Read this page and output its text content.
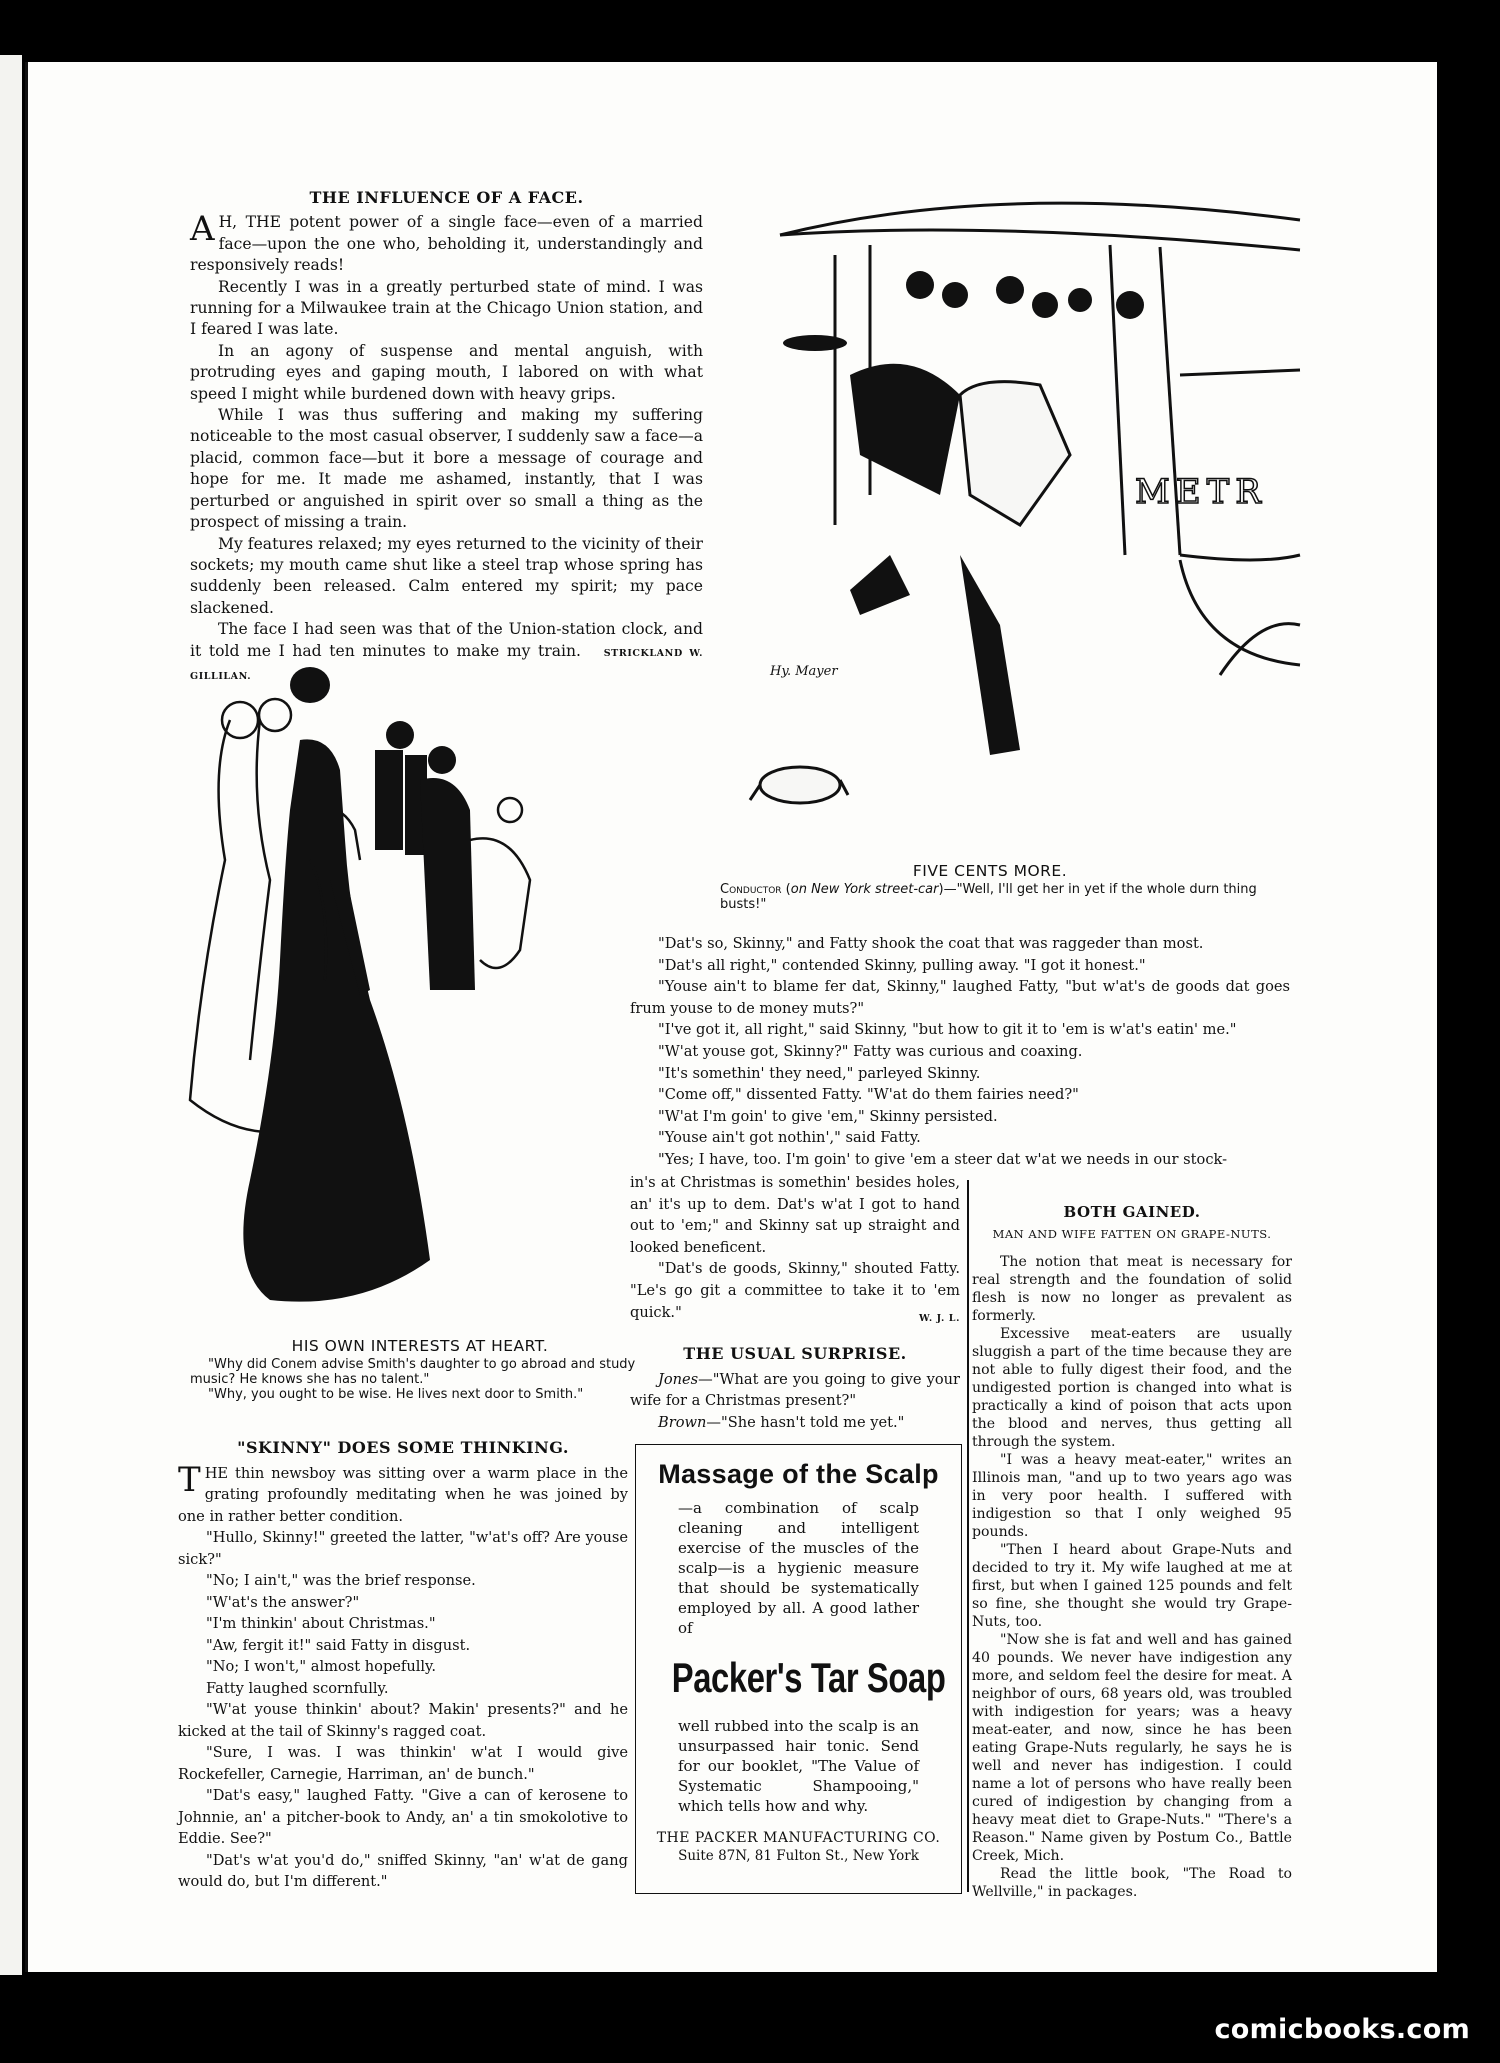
THE INFLUENCE OF A FACE.

A H, THE potent power of a single face—even of a married face—upon the one who, beholding it, understandingly and responsively reads!

Recently I was in a greatly perturbed state of mind. I was running for a Milwaukee train at the Chicago Union station, and I feared I was late.

In an agony of suspense and mental anguish, with protruding eyes and gaping mouth, I labored on with what speed I might while burdened down with heavy grips.

While I was thus suffering and making my suffering noticeable to the most casual observer, I suddenly saw a face—a placid, common face—but it bore a message of courage and hope for me. It made me ashamed, instantly, that I was perturbed or anguished in spirit over so small a thing as the prospect of missing a train.

My features relaxed; my eyes returned to the vicinity of their sockets; my mouth came shut like a steel trap whose spring has suddenly been released. Calm entered my spirit; my pace slackened.

The face I had seen was that of the Union-station clock, and it told me I had ten minutes to make my train. STRICKLAND W. GILLILAN.

METR
Hy. Mayer
FIVE CENTS MORE.
Conductor (on New York street-car)—"Well, I'll get her in yet if the whole durn thing busts!"
HIS OWN INTERESTS AT HEART.
"Why did Conem advise Smith's daughter to go abroad and study music? He knows she has no talent."
"Why, you ought to be wise. He lives next door to Smith."
"SKINNY" DOES SOME THINKING.

THE thin newsboy was sitting over a warm place in the grating profoundly meditating when he was joined by one in rather better condition.

"Hullo, Skinny!" greeted the latter, "w'at's off? Are youse sick?"

"No; I ain't," was the brief response.

"W'at's the answer?"

"I'm thinkin' about Christmas."

"Aw, fergit it!" said Fatty in disgust.

"No; I won't," almost hopefully.

Fatty laughed scornfully.

"W'at youse thinkin' about? Makin' presents?" and he kicked at the tail of Skinny's ragged coat.

"Sure, I was. I was thinkin' w'at I would give Rockefeller, Carnegie, Harriman, an' de bunch."

"Dat's easy," laughed Fatty. "Give a can of kerosene to Johnnie, an' a pitcher-book to Andy, an' a tin smokolotive to Eddie. See?"

"Dat's w'at you'd do," sniffed Skinny, "an' w'at de gang would do, but I'm different."

"Dat's so, Skinny," and Fatty shook the coat that was raggeder than most.

"Dat's all right," contended Skinny, pulling away. "I got it honest."

"Youse ain't to blame fer dat, Skinny," laughed Fatty, "but w'at's de goods dat goes frum youse to de money muts?"

"I've got it, all right," said Skinny, "but how to git it to 'em is w'at's eatin' me."

"W'at youse got, Skinny?" Fatty was curious and coaxing.

"It's somethin' they need," parleyed Skinny.

"Come off," dissented Fatty. "W'at do them fairies need?"

"W'at I'm goin' to give 'em," Skinny persisted.

"Youse ain't got nothin'," said Fatty.

"Yes; I have, too. I'm goin' to give 'em a steer dat w'at we needs in our stock-

in's at Christmas is somethin' besides holes, an' it's up to dem. Dat's w'at I got to hand out to 'em;" and Skinny sat up straight and looked beneficent.

"Dat's de goods, Skinny," shouted Fatty. "Le's go git a committee to take it to 'em quick."	W. J. L.

THE USUAL SURPRISE.

Jones—"What are you going to give your wife for a Christmas present?"

Brown—"She hasn't told me yet."

Massage of the Scalp
—a combination of scalp cleaning and intelligent exercise of the muscles of the scalp—is a hygienic measure that should be systematically employed by all. A good lather of
Packer's Tar Soap
well rubbed into the scalp is an unsurpassed hair tonic. Send for our booklet, "The Value of Systematic Shampooing," which tells how and why.
THE PACKER MANUFACTURING CO.
Suite 87N, 81 Fulton St., New York
BOTH GAINED.
MAN AND WIFE FATTEN ON GRAPE-NUTS.

The notion that meat is necessary for real strength and the foundation of solid flesh is now no longer as prevalent as formerly.

Excessive meat-eaters are usually sluggish a part of the time because they are not able to fully digest their food, and the undigested portion is changed into what is practically a kind of poison that acts upon the blood and nerves, thus getting all through the system.

"I was a heavy meat-eater," writes an Illinois man, "and up to two years ago was in very poor health. I suffered with indigestion so that I only weighed 95 pounds.

"Then I heard about Grape-Nuts and decided to try it. My wife laughed at me at first, but when I gained 125 pounds and felt so fine, she thought she would try Grape-Nuts, too.

"Now she is fat and well and has gained 40 pounds. We never have indigestion any more, and seldom feel the desire for meat. A neighbor of ours, 68 years old, was troubled with indigestion for years; was a heavy meat-eater, and now, since he has been eating Grape-Nuts regularly, he says he is well and never has indigestion. I could name a lot of persons who have really been cured of indigestion by changing from a heavy meat diet to Grape-Nuts." "There's a Reason." Name given by Postum Co., Battle Creek, Mich.

Read the little book, "The Road to Wellville," in packages.

comicbooks.com
